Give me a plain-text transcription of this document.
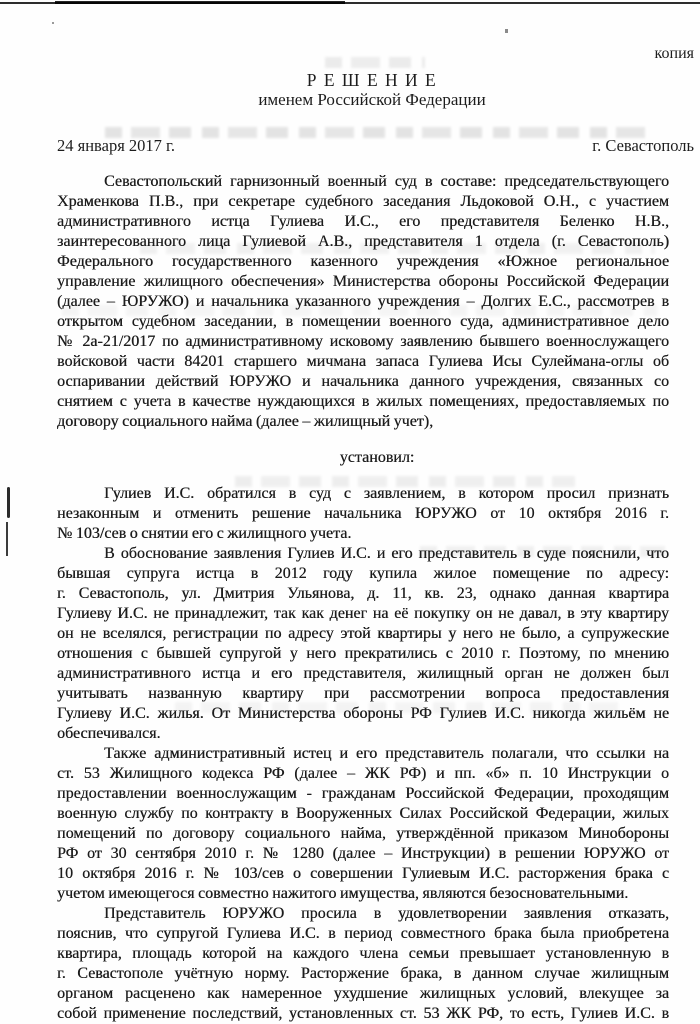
копия
Р Е Ш Е Н И Е
именем Российской Федерации
24 января 2017 г.	г. Севастополь
Севастопольский гарнизонный военный суд в составе: председательствующего
Храменкова П.В., при секретаре судебного заседания Льдоковой О.Н., с участием
административного истца Гулиева И.С., его представителя Беленко Н.В.,
заинтересованного лица Гулиевой А.В., представителя 1 отдела (г. Севастополь)
Федерального государственного казенного учреждения «Южное региональное
управление жилищного обеспечения» Министерства обороны Российской Федерации
(далее – ЮРУЖО) и начальника указанного учреждения – Долгих Е.С., рассмотрев в
открытом судебном заседании, в помещении военного суда, административное дело
№ 2а-21/2017 по административному исковому заявлению бывшего военнослужащего
войсковой части 84201 старшего мичмана запаса Гулиева Исы Сулеймана-оглы об
оспаривании действий ЮРУЖО и начальника данного учреждения, связанных со
снятием с учета в качестве нуждающихся в жилых помещениях, предоставляемых по
договору социального найма (далее – жилищный учет),
установил:
Гулиев И.С. обратился в суд с заявлением, в котором просил признать
незаконным и отменить решение начальника ЮРУЖО от 10 октября 2016 г.
№ 103/сев о снятии его с жилищного учета.
В обоснование заявления Гулиев И.С. и его представитель в суде пояснили, что
бывшая супруга истца в 2012 году купила жилое помещение по адресу:
г. Севастополь, ул. Дмитрия Ульянова, д. 11, кв. 23, однако данная квартира
Гулиеву И.С. не принадлежит, так как денег на её покупку он не давал, в эту квартиру
он не вселялся, регистрации по адресу этой квартиры у него не было, а супружеские
отношения с бывшей супругой у него прекратились с 2010 г. Поэтому, по мнению
административного истца и его представителя, жилищный орган не должен был
учитывать названную квартиру при рассмотрении вопроса предоставления
Гулиеву И.С. жилья. От Министерства обороны РФ Гулиев И.С. никогда жильём не
обеспечивался.
Также административный истец и его представитель полагали, что ссылки на
ст. 53 Жилищного кодекса РФ (далее – ЖК РФ) и пп. «б» п. 10 Инструкции о
предоставлении военнослужащим - гражданам Российской Федерации, проходящим
военную службу по контракту в Вооруженных Силах Российской Федерации, жилых
помещений по договору социального найма, утверждённой приказом Минобороны
РФ от 30 сентября 2010 г. № 1280 (далее – Инструкции) в решении ЮРУЖО от
10 октября 2016 г. № 103/сев о совершении Гулиевым И.С. расторжения брака с
учетом имеющегося совместно нажитого имущества, являются безосновательными.
Представитель ЮРУЖО просила в удовлетворении заявления отказать,
пояснив, что супругой Гулиева И.С. в период совместного брака была приобретена
квартира, площадь которой на каждого члена семьи превышает установленную в
г. Севастополе учётную норму. Расторжение брака, в данном случае жилищным
органом расценено как намеренное ухудшение жилищных условий, влекущее за
собой применение последствий, установленных ст. 53 ЖК РФ, то есть, Гулиев И.С. в
